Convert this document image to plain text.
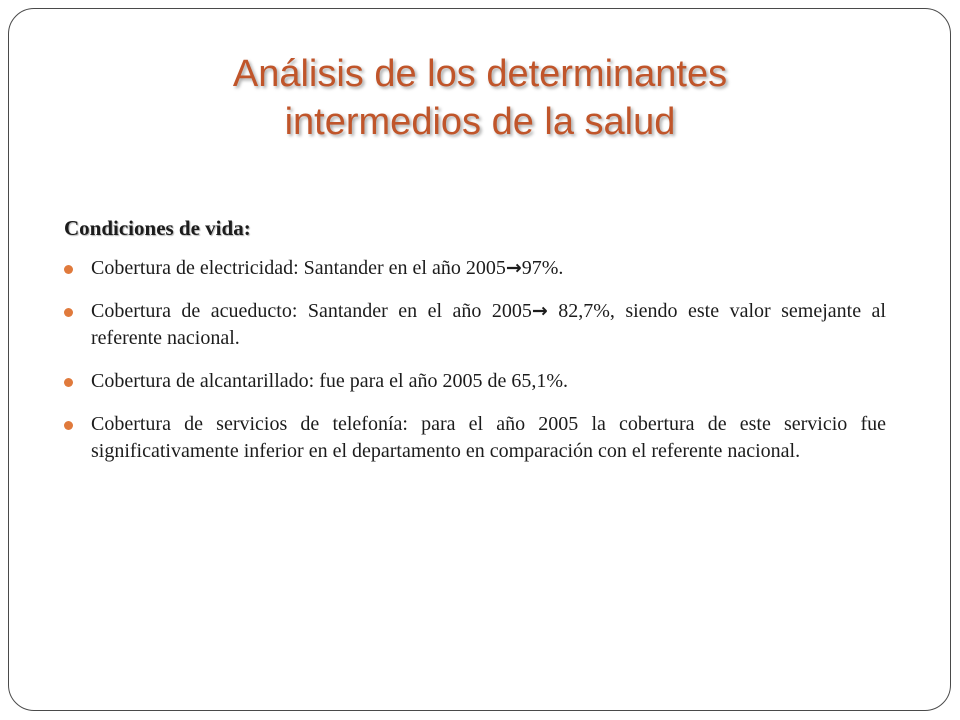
Análisis de los determinantes
intermedios de la salud
Condiciones de vida:
Cobertura de electricidad: Santander en el año 2005→97%.
Cobertura de acueducto: Santander en el año 2005→ 82,7%, siendo este valor semejante al referente nacional.
Cobertura de alcantarillado: fue para el año 2005 de 65,1%.
Cobertura de servicios de telefonía: para el año 2005 la cobertura de este servicio fue significativamente inferior en el departamento en comparación con el referente nacional.
